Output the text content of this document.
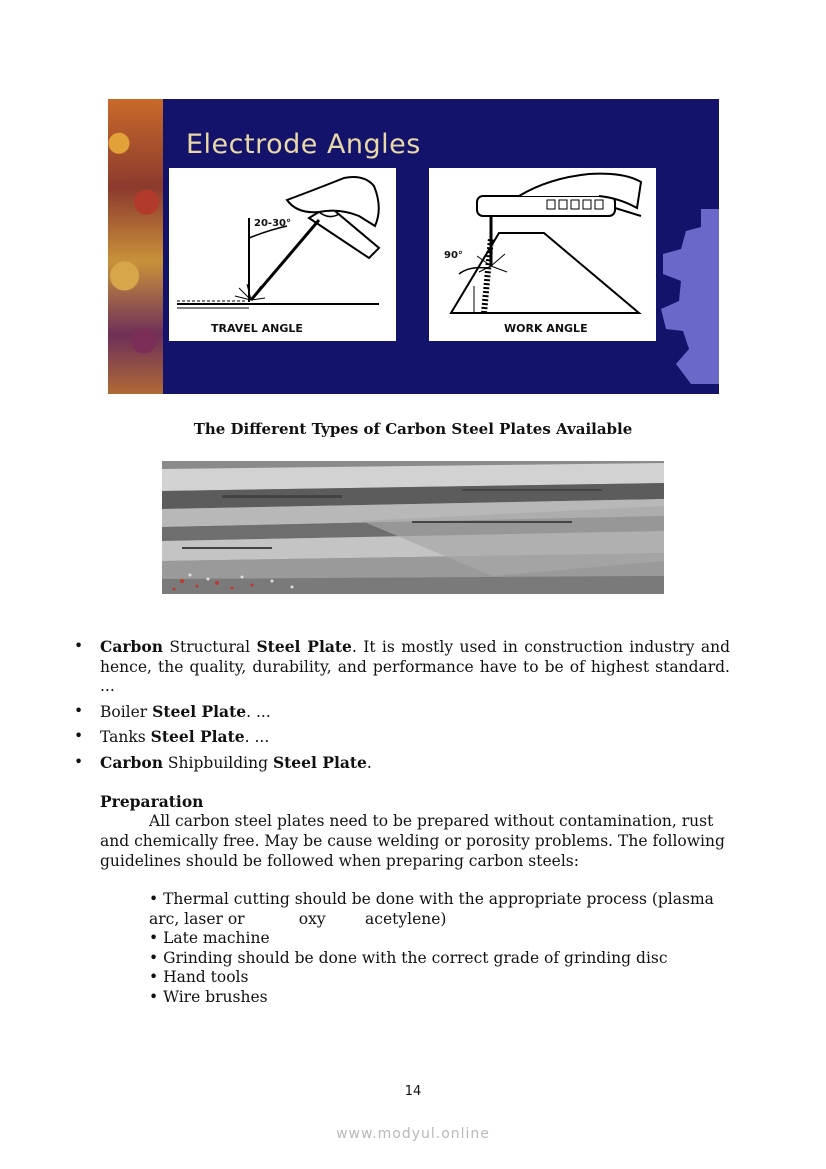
Electrode Angles
20-30°
TRAVEL ANGLE
90°
WORK ANGLE
The Different Types of Carbon Steel Plates Available
• Carbon Structural Steel Plate. It is mostly used in construction industry and hence, the quality, durability, and performance have to be of highest standard. ...
• Boiler Steel Plate. ...
• Tanks Steel Plate. ...
• Carbon Shipbuilding Steel Plate.
Preparation
All carbon steel plates need to be prepared without contamination, rust and chemically free. May be cause welding or porosity problems. The following guidelines should be followed when preparing carbon steels:
• Thermal cutting should be done with the appropriate process (plasma
arc, laser or           oxy        acetylene)
• Late machine
• Grinding should be done with the correct grade of grinding disc
• Hand tools
• Wire brushes
14
www.modyul.online
